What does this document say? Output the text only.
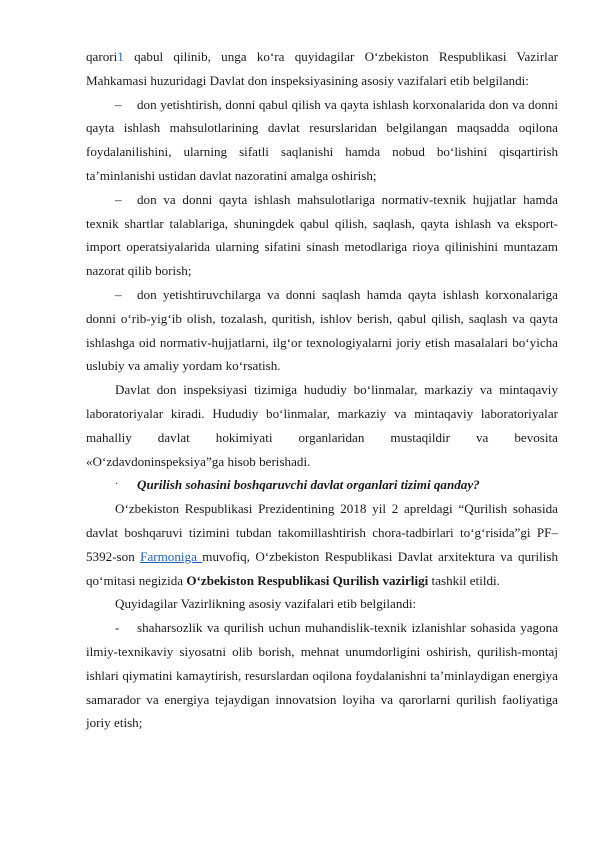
qarori1 qabul qilinib, unga ko‘ra quyidagilar O‘zbekiston Respublikasi Vazirlar Mahkamasi huzuridagi Davlat don inspeksiyasining asosiy vazifalari etib belgilandi:

– don yetishtirish, donni qabul qilish va qayta ishlash korxonalarida don va donni qayta ishlash mahsulotlarining davlat resurslaridan belgilangan maqsadda oqilona foydalanilishini, ularning sifatli saqlanishi hamda nobud bo‘lishini qisqartirish ta’minlanishi ustidan davlat nazoratini amalga oshirish;

– don va donni qayta ishlash mahsulotlariga normativ-texnik hujjatlar hamda texnik shartlar talablariga, shuningdek qabul qilish, saqlash, qayta ishlash va eksport-import operatsiyalarida ularning sifatini sinash metodlariga rioya qilinishini muntazam nazorat qilib borish;

– don yetishtiruvchilarga va donni saqlash hamda qayta ishlash korxonalariga donni o‘rib-yig‘ib olish, tozalash, quritish, ishlov berish, qabul qilish, saqlash va qayta ishlashga oid normativ-hujjatlarni, ilg‘or texnologiyalarni joriy etish masalalari bo‘yicha uslubiy va amaliy yordam ko‘rsatish.

Davlat don inspeksiyasi tizimiga hududiy bo‘linmalar, markaziy va mintaqaviy laboratoriyalar kiradi. Hududiy bo‘linmalar, markaziy va mintaqaviy laboratoriyalar mahalliy davlat hokimiyati organlaridan mustaqildir va bevosita «O‘zdavdoninspeksiya”ga hisob berishadi.

· Qurilish sohasini boshqaruvchi davlat organlari tizimi qanday?

O‘zbekiston Respublikasi Prezidentining 2018 yil 2 apreldagi “Qurilish sohasida davlat boshqaruvi tizimini tubdan takomillashtirish chora-tadbirlari to‘g‘risida”gi PF–5392-son Farmoniga muvofiq, O‘zbekiston Respublikasi Davlat arxitektura va qurilish qo‘mitasi negizida O‘zbekiston Respublikasi Qurilish vazirligi tashkil etildi.

Quyidagilar Vazirlikning asosiy vazifalari etib belgilandi:

- shaharsozlik va qurilish uchun muhandislik-texnik izlanishlar sohasida yagona ilmiy-texnikaviy siyosatni olib borish, mehnat unumdorligini oshirish, qurilish-montaj ishlari qiymatini kamaytirish, resurslardan oqilona foydalanishni ta’minlaydigan energiya samarador va energiya tejaydigan innovatsion loyiha va qarorlarni qurilish faoliyatiga joriy etish;
